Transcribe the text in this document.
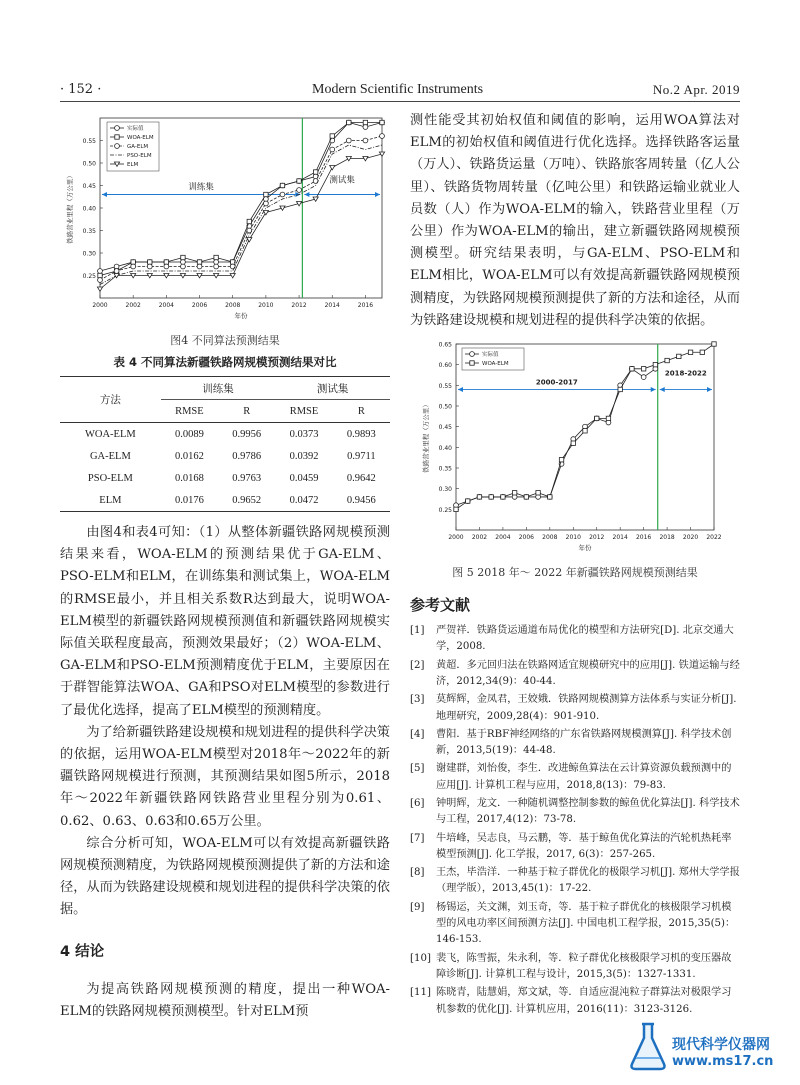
· 152 ·	Modern Scientific Instruments	No.2 Apr. 2019
0.25
0.30
0.35
0.40
0.45
0.50
0.55
2000	2002	2004	2006	2008	2010	2012	2014	2016
年份
铁路营业里程（万公里）	训练集
测试集
实际值
WOA-ELM
GA-ELM
PSO-ELM
ELM
图4 不同算法预测结果
表 4 不同算法新疆铁路网规模预测结果对比
方法	训练集		测试集	
	RMSE	R	RMSE	R
WOA-ELM	0.0089	0.9956	0.0373	0.9893
GA-ELM	0.0162	0.9786	0.0392	0.9711
PSO-ELM	0.0168	0.9763	0.0459	0.9642
ELM	0.0176	0.9652	0.0472	0.9456

由图4和表4可知：（1）从整体新疆铁路网规模预测结果来看，WOA-ELM的预测结果优于GA-ELM、PSO-ELM和ELM，在训练集和测试集上，WOA-ELM的RMSE最小，并且相关系数R达到最大，说明WOA-ELM模型的新疆铁路网规模预测值和新疆铁路网规模实际值关联程度最高，预测效果最好；（2）WOA-ELM、GA-ELM和PSO-ELM预测精度优于ELM，主要原因在于群智能算法WOA、GA和PSO对ELM模型的参数进行了最优化选择，提高了ELM模型的预测精度。

为了给新疆铁路建设规模和规划进程的提供科学决策的依据，运用WOA-ELM模型对2018年～2022年的新疆铁路网规模进行预测，其预测结果如图5所示，2018年～2022年新疆铁路网铁路营业里程分别为0.61、0.62、0.63、0.63和0.65万公里。

综合分析可知，WOA-ELM可以有效提高新疆铁路网规模预测精度，为铁路网规模预测提供了新的方法和途径，从而为铁路建设规模和规划进程的提供科学决策的依据。

4 结论

为提高铁路网规模预测的精度，提出一种WOA-ELM的铁路网规模预测模型。针对ELM预

测性能受其初始权值和阈值的影响，运用WOA算法对ELM的初始权值和阈值进行优化选择。选择铁路客运量（万人）、铁路货运量（万吨）、铁路旅客周转量（亿人公里）、铁路货物周转量（亿吨公里）和铁路运输业就业人员数（人）作为WOA-ELM的输入，铁路营业里程（万公里）作为WOA-ELM的输出，建立新疆铁路网规模预测模型。研究结果表明，与GA-ELM、PSO-ELM和ELM相比，WOA-ELM可以有效提高新疆铁路网规模预测精度，为铁路网规模预测提供了新的方法和途径，从而为铁路建设规模和规划进程的提供科学决策的依据。

0.25
0.30
0.35
0.40
0.45
0.50
0.55
0.60
0.65
2000 2002 2004 2006 2008 2010 2012 2014 2016 2018 2020 2022
年份
铁路营业里程（万公里）
2000-2017
2018-2022
实际值
WOA-ELM
图 5 2018 年～ 2022 年新疆铁路网规模预测结果
参考文献
[1] 严贺祥．铁路货运通道布局优化的模型和方法研究[D]. 北京交通大学，2008.
[2] 黄超．多元回归法在铁路网适宜规模研究中的应用[J]. 铁道运输与经济，2012,34(9)：40-44.
[3] 莫辉辉，金凤君，王姣娥．铁路网规模测算方法体系与实证分析[J]. 地理研究，2009,28(4)：901-910.
[4] 曹阳．基于RBF神经网络的广东省铁路网规模测算[J]. 科学技术创新，2013,5(19)：44-48.
[5] 谢建群，刘怡俊，李生．改进鲸鱼算法在云计算资源负载预测中的应用[J]. 计算机工程与应用，2018,8(13)：79-83.
[6] 钟明辉，龙文．一种随机调整控制参数的鲸鱼优化算法[J]. 科学技术与工程，2017,4(12)：73-78.
[7] 牛培峰，吴志良，马云鹏，等．基于鲸鱼优化算法的汽轮机热耗率模型预测[J]. 化工学报，2017, 6(3)：257-265.
[8] 王杰，毕浩洋．一种基于粒子群优化的极限学习机[J]. 郑州大学学报（理学版），2013,45(1)：17-22.
[9] 杨锡运，关文渊，刘玉奇，等．基于粒子群优化的核极限学习机模型的风电功率区间预测方法[J]. 中国电机工程学报，2015,35(5)：146-153.
[10] 裴飞，陈雪振，朱永利，等．粒子群优化核极限学习机的变压器故障诊断[J]. 计算机工程与设计，2015,3(5)：1327-1331.
[11] 陈晓青，陆慧娟，郑文斌，等．自适应混沌粒子群算法对极限学习机参数的优化[J]. 计算机应用，2016(11)：3123-3126.
现代科学仪器网
www.ms17.cn
